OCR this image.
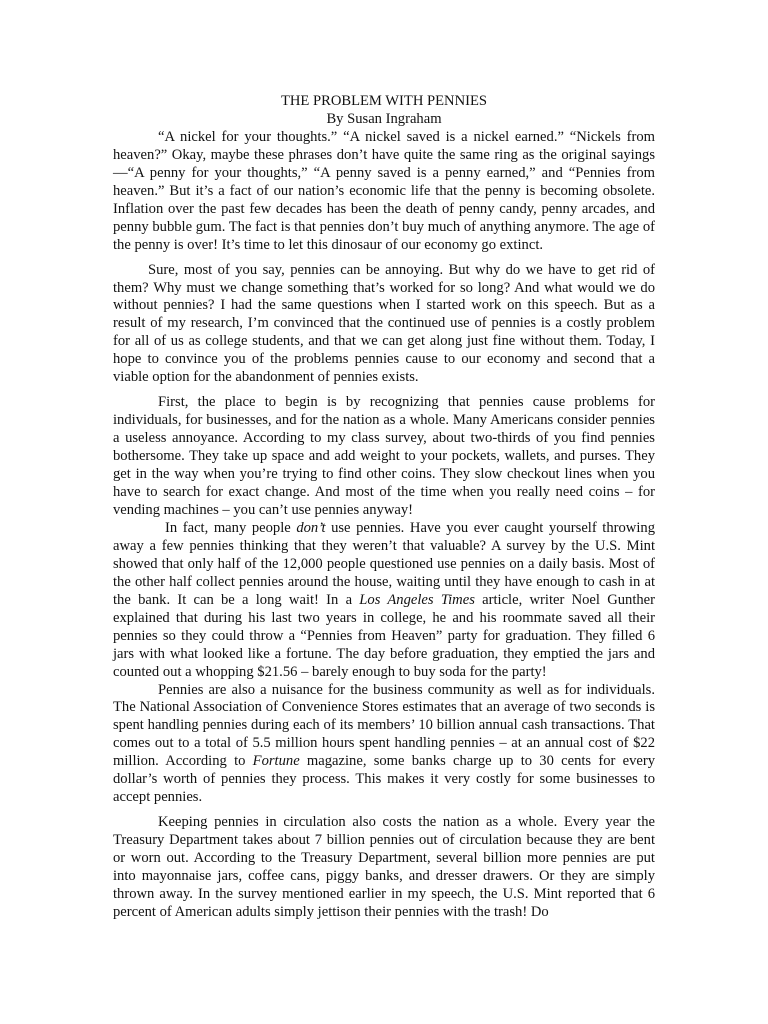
THE PROBLEM WITH PENNIES
By Susan Ingraham

“A nickel for your thoughts.” “A nickel saved is a nickel earned.” “Nickels from heaven?” Okay, maybe these phrases don’t have quite the same ring as the original sayings—“A penny for your thoughts,” “A penny saved is a penny earned,” and “Pennies from heaven.” But it’s a fact of our nation’s economic life that the penny is becoming obsolete. Inflation over the past few decades has been the death of penny candy, penny arcades, and penny bubble gum. The fact is that pennies don’t buy much of anything anymore. The age of the penny is over! It’s time to let this dinosaur of our economy go extinct.

Sure, most of you say, pennies can be annoying. But why do we have to get rid of them? Why must we change something that’s worked for so long? And what would we do without pennies? I had the same questions when I started work on this speech. But as a result of my research, I’m convinced that the continued use of pennies is a costly problem for all of us as college students, and that we can get along just fine without them. Today, I hope to convince you of the problems pennies cause to our economy and second that a viable option for the abandonment of pennies exists.

First, the place to begin is by recognizing that pennies cause problems for individuals, for businesses, and for the nation as a whole. Many Americans consider pennies a useless annoyance. According to my class survey, about two-thirds of you find pennies bothersome. They take up space and add weight to your pockets, wallets, and purses. They get in the way when you’re trying to find other coins. They slow checkout lines when you have to search for exact change. And most of the time when you really need coins – for vending machines – you can’t use pennies anyway!

In fact, many people don’t use pennies. Have you ever caught yourself throwing away a few pennies thinking that they weren’t that valuable? A survey by the U.S. Mint showed that only half of the 12,000 people questioned use pennies on a daily basis. Most of the other half collect pennies around the house, waiting until they have enough to cash in at the bank. It can be a long wait! In a Los Angeles Times article, writer Noel Gunther explained that during his last two years in college, he and his roommate saved all their pennies so they could throw a “Pennies from Heaven” party for graduation. They filled 6 jars with what looked like a fortune. The day before graduation, they emptied the jars and counted out a whopping $21.56 – barely enough to buy soda for the party!

Pennies are also a nuisance for the business community as well as for individuals. The National Association of Convenience Stores estimates that an average of two seconds is spent handling pennies during each of its members’ 10 billion annual cash transactions. That comes out to a total of 5.5 million hours spent handling pennies – at an annual cost of $22 million. According to Fortune magazine, some banks charge up to 30 cents for every dollar’s worth of pennies they process. This makes it very costly for some businesses to accept pennies.

Keeping pennies in circulation also costs the nation as a whole. Every year the Treasury Department takes about 7 billion pennies out of circulation because they are bent or worn out. According to the Treasury Department, several billion more pennies are put into mayonnaise jars, coffee cans, piggy banks, and dresser drawers. Or they are simply thrown away. In the survey mentioned earlier in my speech, the U.S. Mint reported that 6 percent of American adults simply jettison their pennies with the trash! Do
